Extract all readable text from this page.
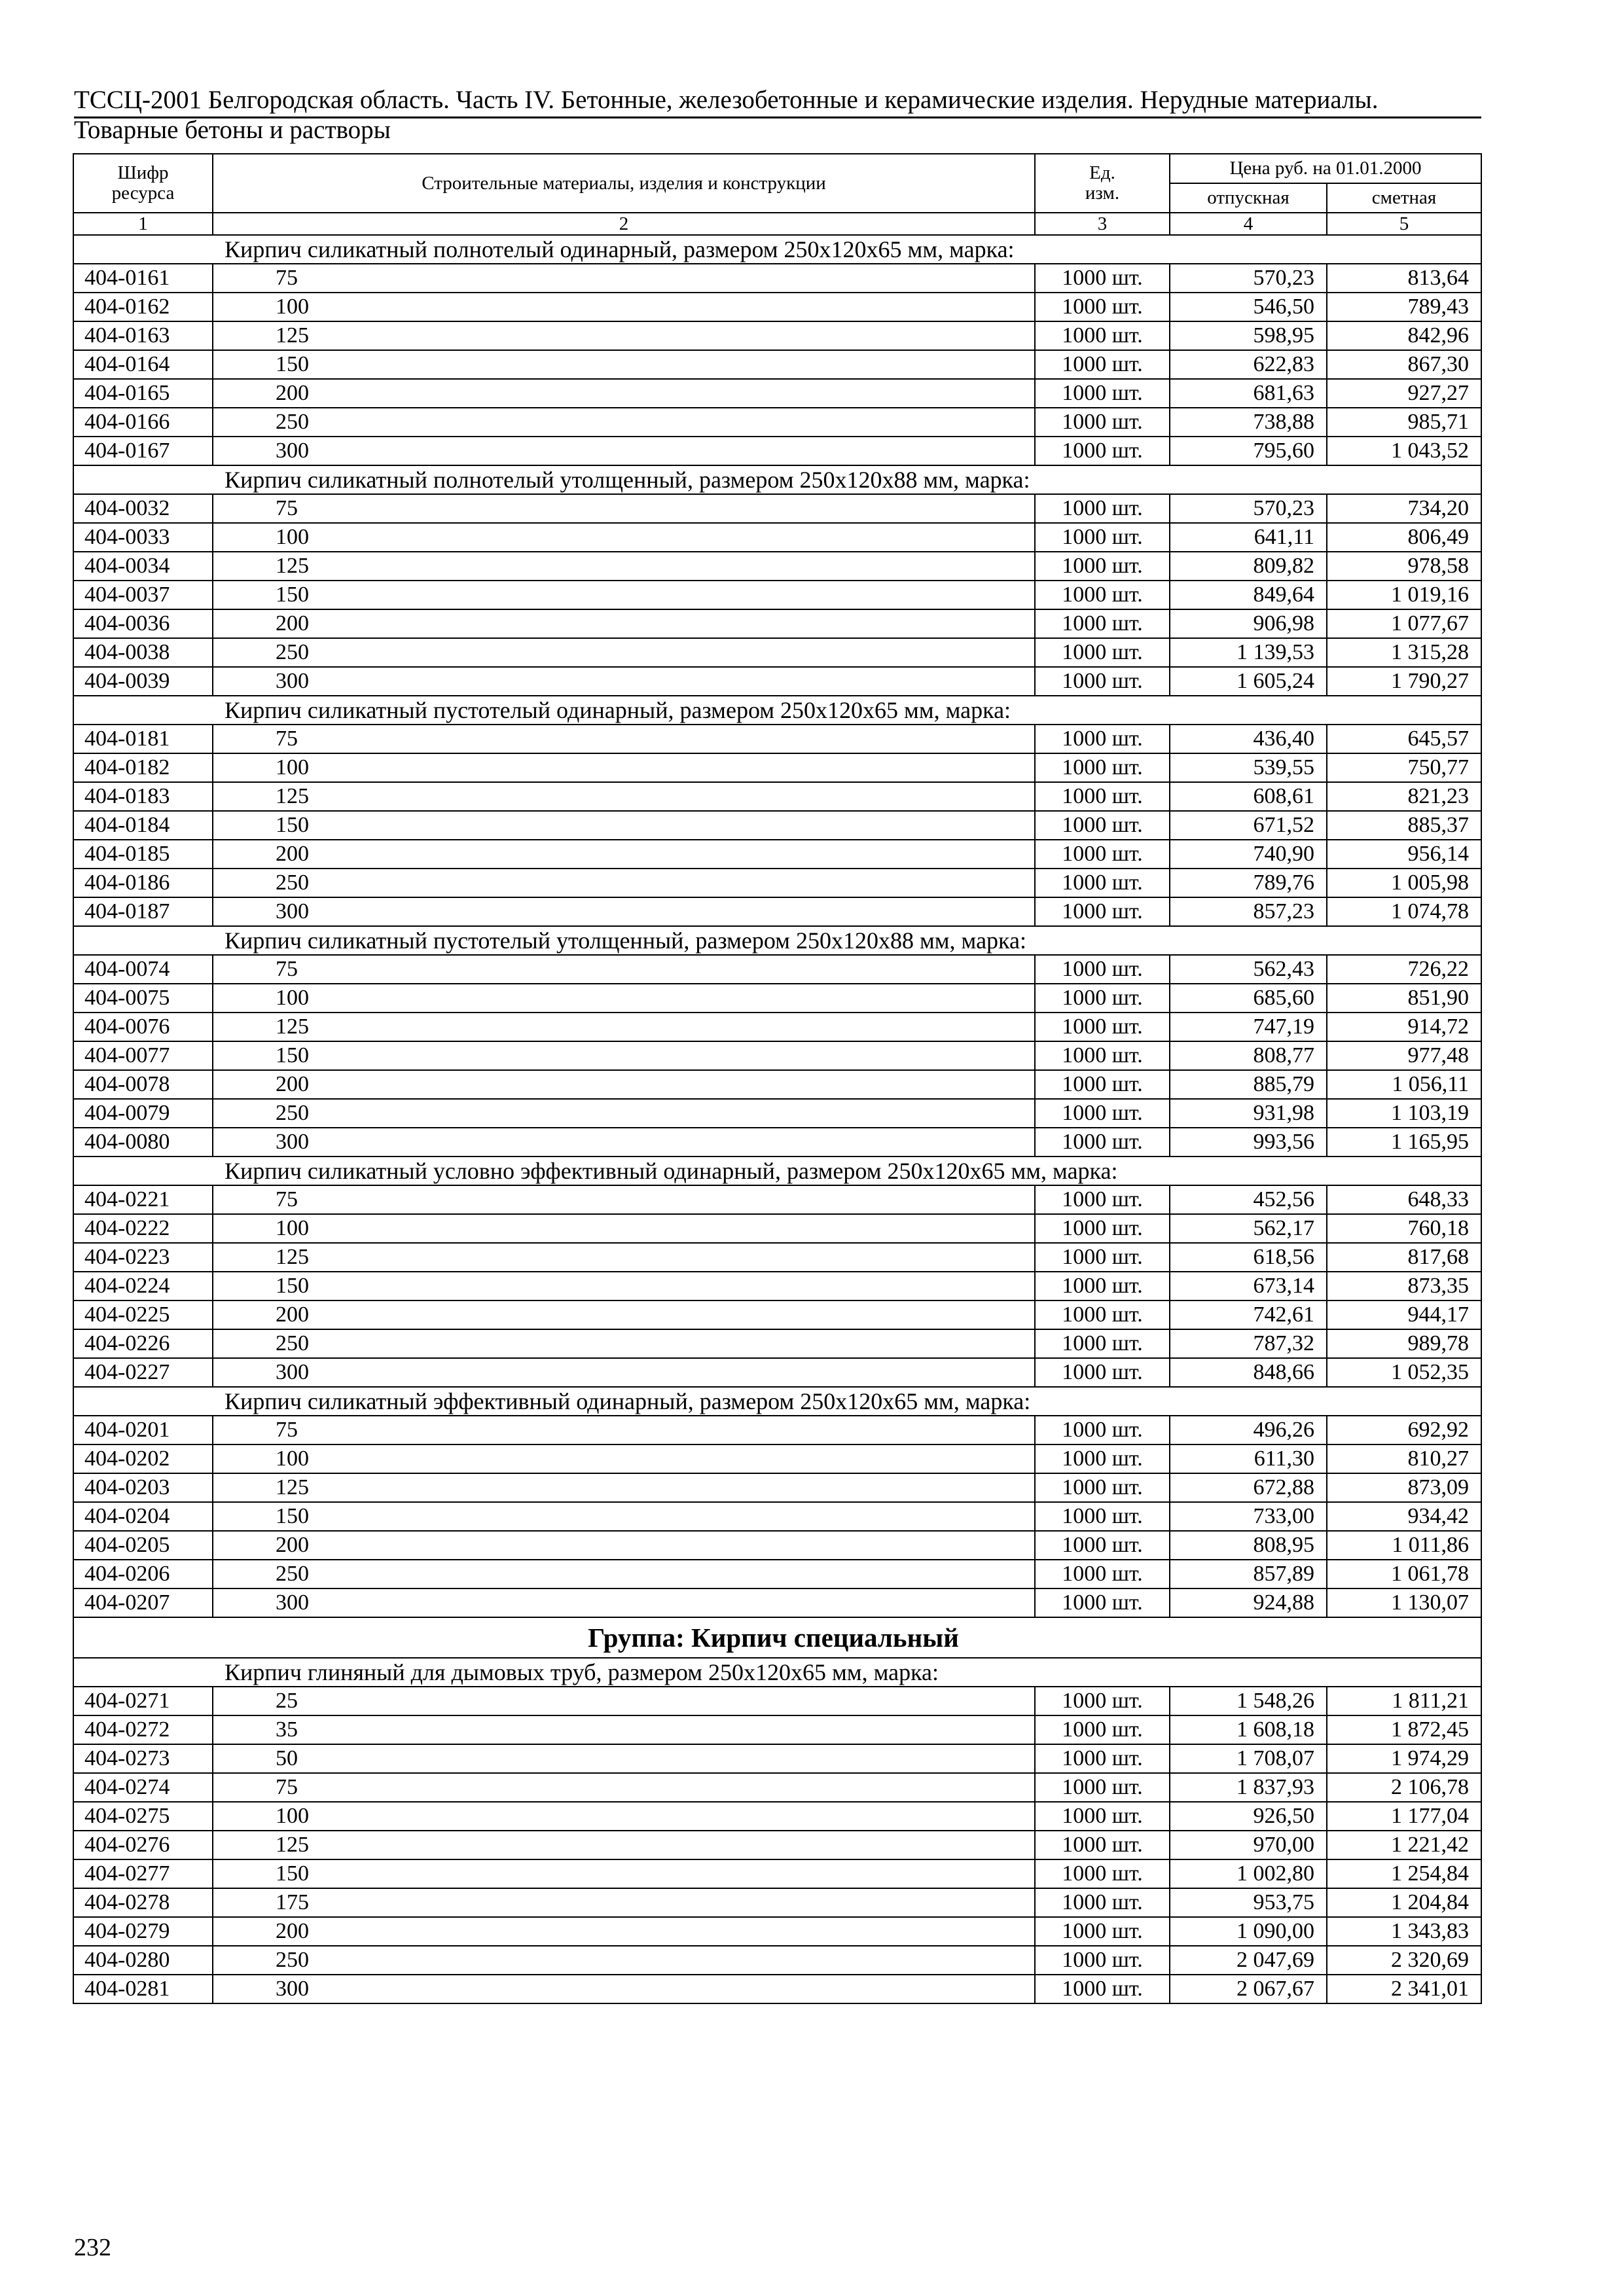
ТССЦ-2001 Белгородская область. Часть IV. Бетонные, железобетонные и керамические изделия. Нерудные материалы. Товарные бетоны и растворы
Шифр ресурса	Строительные материалы, изделия и конструкции	Ед. изм.	Цена руб. на 01.01.2000	
			отпускная	сметная
1	2	3	4	5
Кирпич силикатный полнотелый одинарный, размером 250х120х65 мм, марка:				
404-0161	75	1000 шт.	570,23	813,64
404-0162	100	1000 шт.	546,50	789,43
404-0163	125	1000 шт.	598,95	842,96
404-0164	150	1000 шт.	622,83	867,30
404-0165	200	1000 шт.	681,63	927,27
404-0166	250	1000 шт.	738,88	985,71
404-0167	300	1000 шт.	795,60	1 043,52
Кирпич силикатный полнотелый утолщенный, размером 250х120х88 мм, марка:				
404-0032	75	1000 шт.	570,23	734,20
404-0033	100	1000 шт.	641,11	806,49
404-0034	125	1000 шт.	809,82	978,58
404-0037	150	1000 шт.	849,64	1 019,16
404-0036	200	1000 шт.	906,98	1 077,67
404-0038	250	1000 шт.	1 139,53	1 315,28
404-0039	300	1000 шт.	1 605,24	1 790,27
Кирпич силикатный пустотелый одинарный, размером 250х120х65 мм, марка:				
404-0181	75	1000 шт.	436,40	645,57
404-0182	100	1000 шт.	539,55	750,77
404-0183	125	1000 шт.	608,61	821,23
404-0184	150	1000 шт.	671,52	885,37
404-0185	200	1000 шт.	740,90	956,14
404-0186	250	1000 шт.	789,76	1 005,98
404-0187	300	1000 шт.	857,23	1 074,78
Кирпич силикатный пустотелый утолщенный, размером 250х120х88 мм, марка:				
404-0074	75	1000 шт.	562,43	726,22
404-0075	100	1000 шт.	685,60	851,90
404-0076	125	1000 шт.	747,19	914,72
404-0077	150	1000 шт.	808,77	977,48
404-0078	200	1000 шт.	885,79	1 056,11
404-0079	250	1000 шт.	931,98	1 103,19
404-0080	300	1000 шт.	993,56	1 165,95
Кирпич силикатный условно эффективный одинарный, размером 250х120х65 мм, марка:				
404-0221	75	1000 шт.	452,56	648,33
404-0222	100	1000 шт.	562,17	760,18
404-0223	125	1000 шт.	618,56	817,68
404-0224	150	1000 шт.	673,14	873,35
404-0225	200	1000 шт.	742,61	944,17
404-0226	250	1000 шт.	787,32	989,78
404-0227	300	1000 шт.	848,66	1 052,35
Кирпич силикатный эффективный одинарный, размером 250х120х65 мм, марка:				
404-0201	75	1000 шт.	496,26	692,92
404-0202	100	1000 шт.	611,30	810,27
404-0203	125	1000 шт.	672,88	873,09
404-0204	150	1000 шт.	733,00	934,42
404-0205	200	1000 шт.	808,95	1 011,86
404-0206	250	1000 шт.	857,89	1 061,78
404-0207	300	1000 шт.	924,88	1 130,07
Группа: Кирпич специальный				
Кирпич глиняный для дымовых труб, размером 250х120х65 мм, марка:				
404-0271	25	1000 шт.	1 548,26	1 811,21
404-0272	35	1000 шт.	1 608,18	1 872,45
404-0273	50	1000 шт.	1 708,07	1 974,29
404-0274	75	1000 шт.	1 837,93	2 106,78
404-0275	100	1000 шт.	926,50	1 177,04
404-0276	125	1000 шт.	970,00	1 221,42
404-0277	150	1000 шт.	1 002,80	1 254,84
404-0278	175	1000 шт.	953,75	1 204,84
404-0279	200	1000 шт.	1 090,00	1 343,83
404-0280	250	1000 шт.	2 047,69	2 320,69
404-0281	300	1000 шт.	2 067,67	2 341,01
232
